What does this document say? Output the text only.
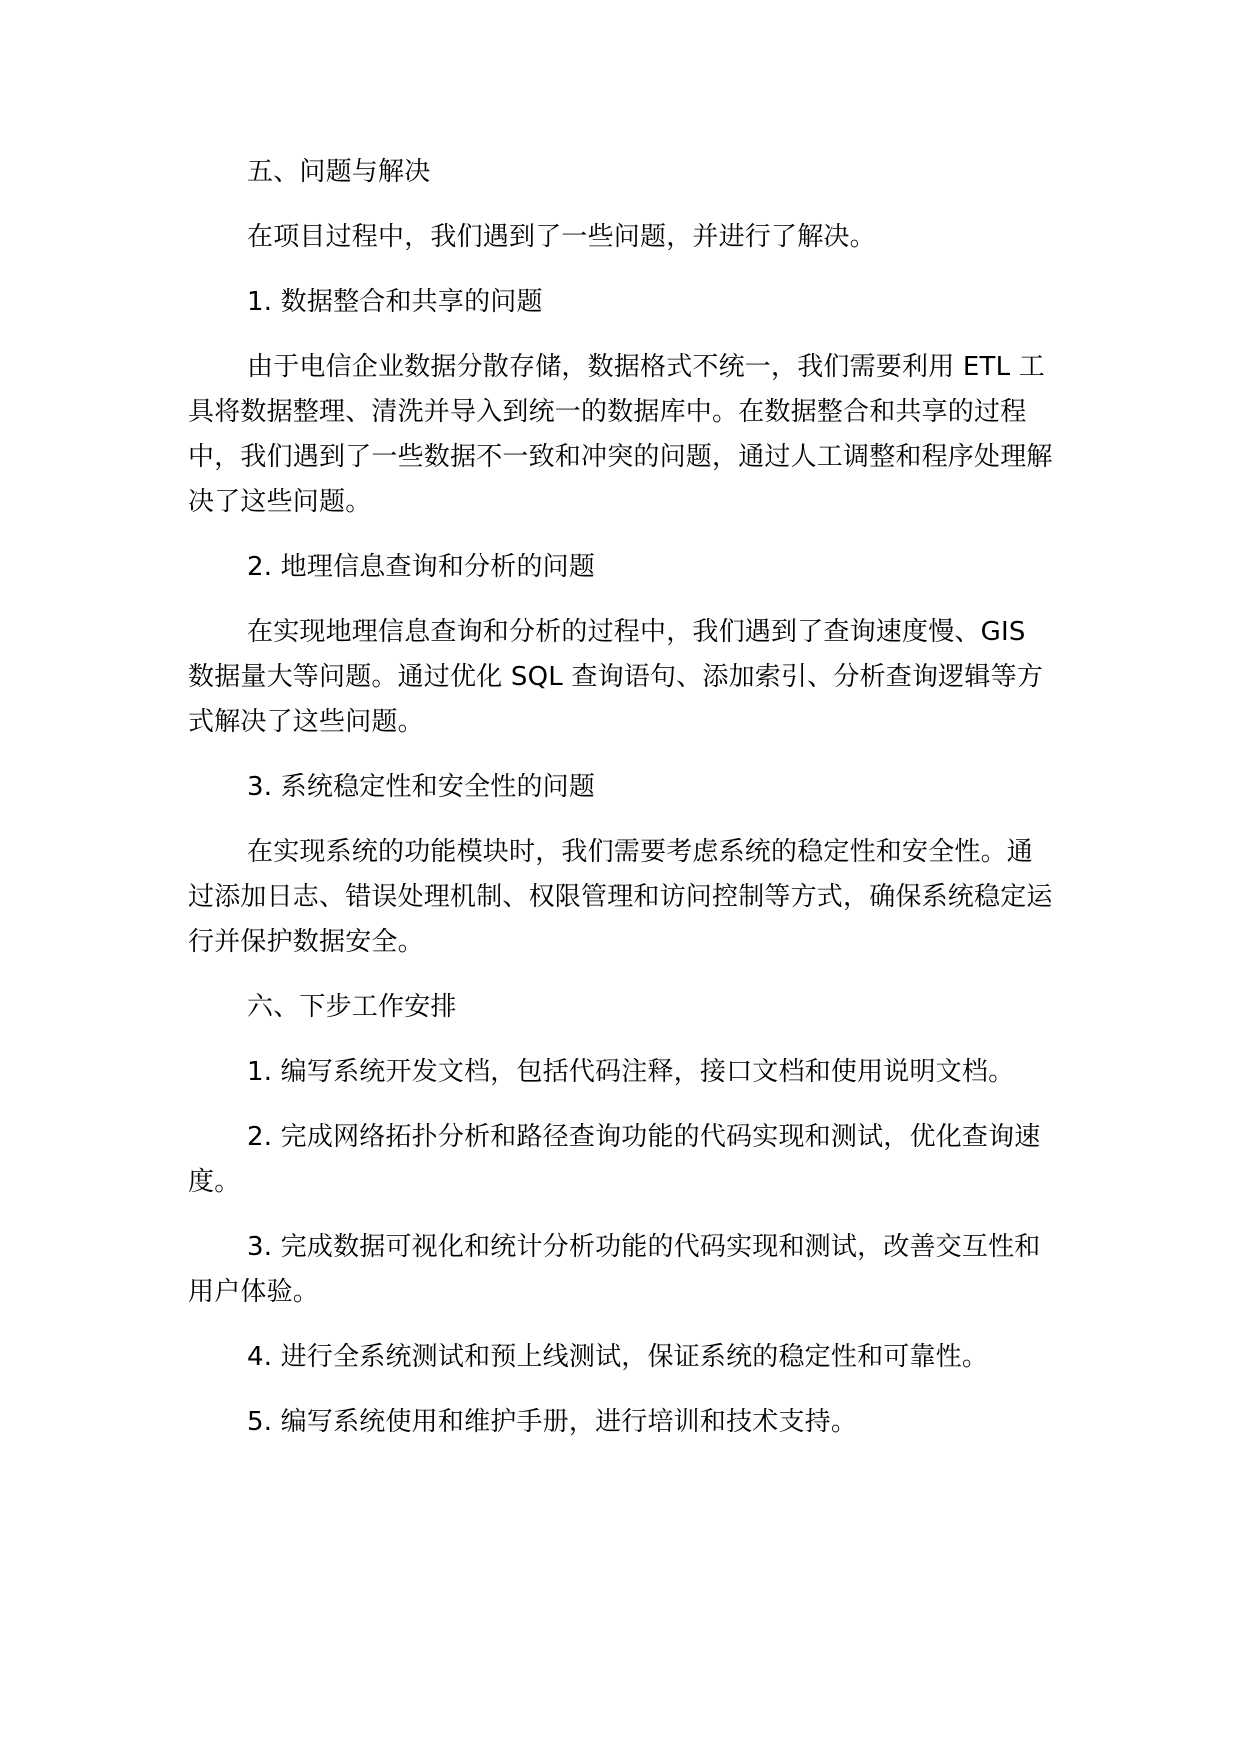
五、问题与解决

在项目过程中，我们遇到了一些问题，并进行了解决。

1. 数据整合和共享的问题

由于电信企业数据分散存储，数据格式不统一，我们需要利用 ETL 工具将数据整理、清洗并导入到统一的数据库中。在数据整合和共享的过程中，我们遇到了一些数据不一致和冲突的问题，通过人工调整和程序处理解决了这些问题。

2. 地理信息查询和分析的问题

在实现地理信息查询和分析的过程中，我们遇到了查询速度慢、GIS 数据量大等问题。通过优化 SQL 查询语句、添加索引、分析查询逻辑等方式解决了这些问题。

3. 系统稳定性和安全性的问题

在实现系统的功能模块时，我们需要考虑系统的稳定性和安全性。通过添加日志、错误处理机制、权限管理和访问控制等方式，确保系统稳定运行并保护数据安全。

六、下步工作安排

1. 编写系统开发文档，包括代码注释，接口文档和使用说明文档。

2. 完成网络拓扑分析和路径查询功能的代码实现和测试，优化查询速度。

3. 完成数据可视化和统计分析功能的代码实现和测试，改善交互性和用户体验。

4. 进行全系统测试和预上线测试，保证系统的稳定性和可靠性。

5. 编写系统使用和维护手册，进行培训和技术支持。
